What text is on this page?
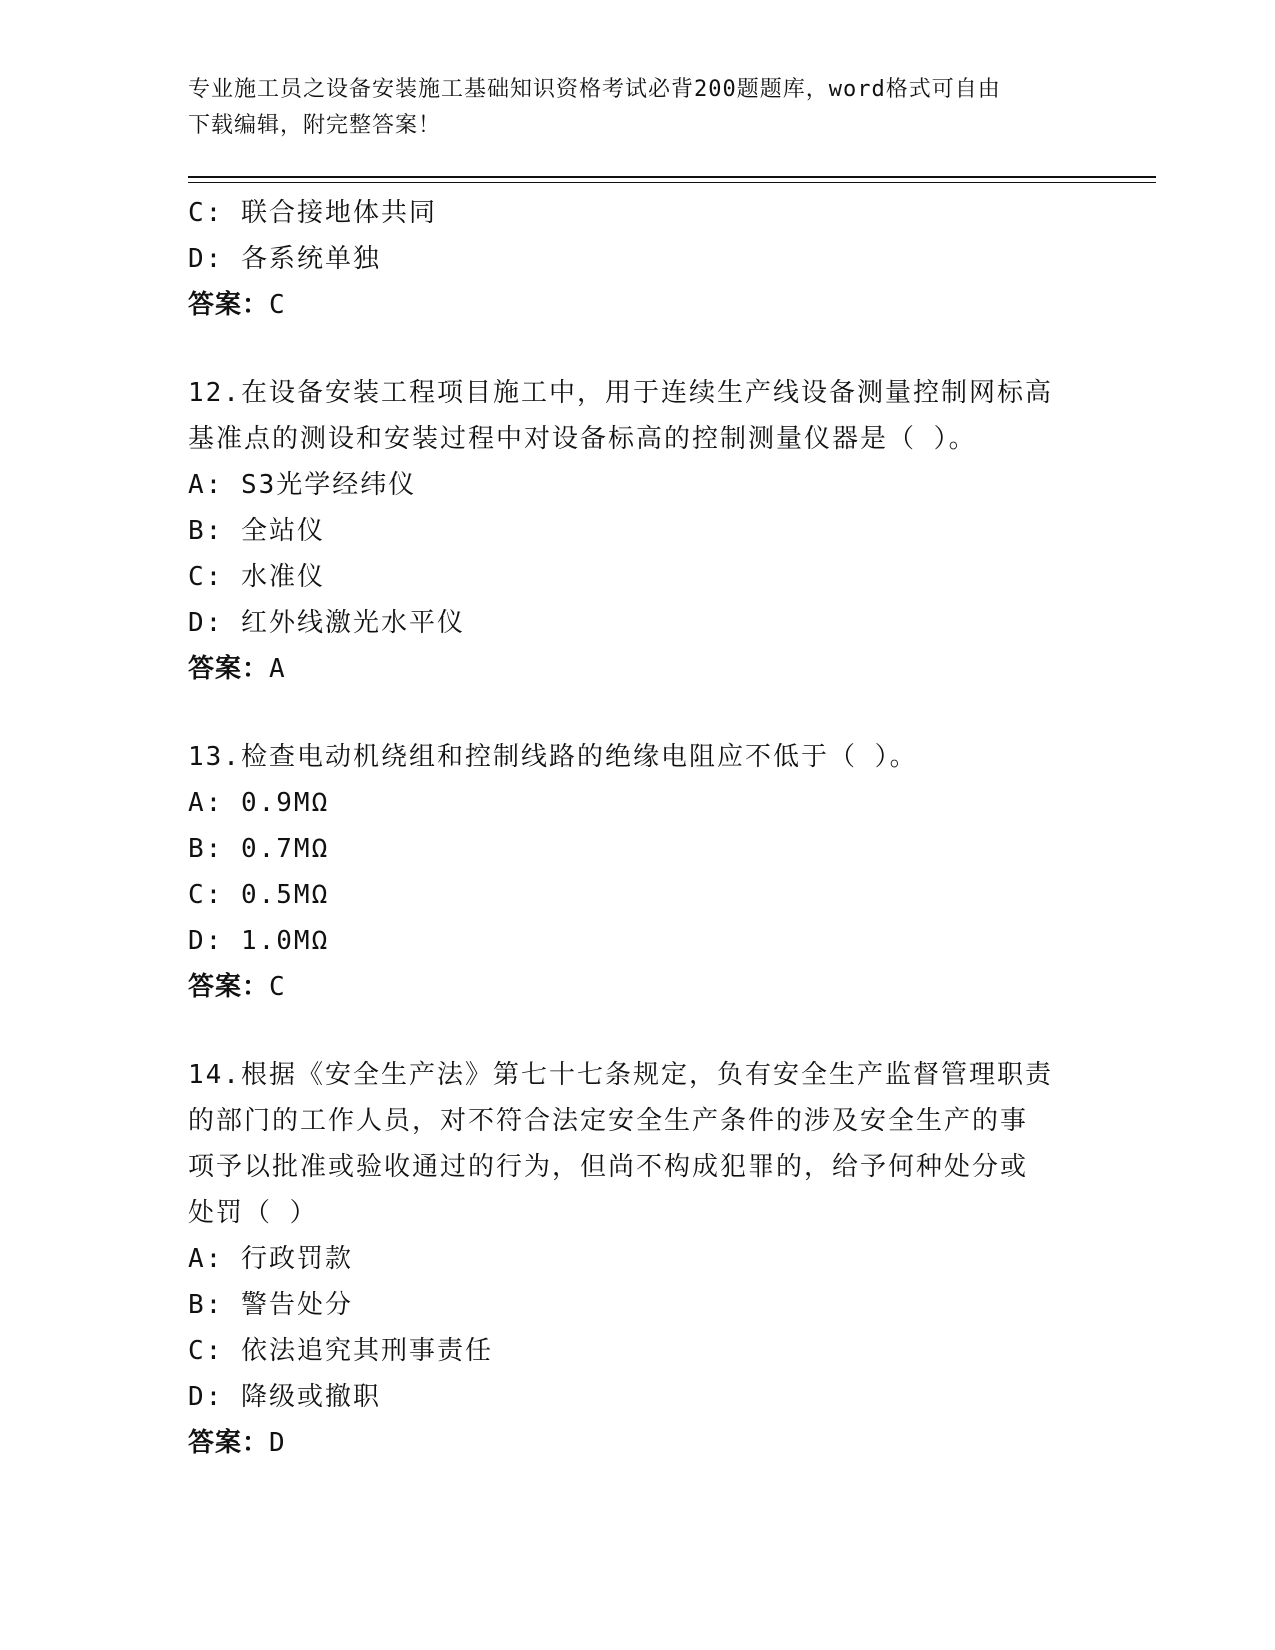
专业施工员之设备安装施工基础知识资格考试必背200题题库，word格式可自由
下载编辑，附完整答案！
C: 联合接地体共同
D: 各系统单独
答案：C
12.在设备安装工程项目施工中，用于连续生产线设备测量控制网标高
基准点的测设和安装过程中对设备标高的控制测量仪器是（ ）。
A: S3光学经纬仪
B: 全站仪
C: 水准仪
D: 红外线激光水平仪
答案：A
13.检查电动机绕组和控制线路的绝缘电阻应不低于（ ）。
A: 0.9MΩ
B: 0.7MΩ
C: 0.5MΩ
D: 1.0MΩ
答案：C
14.根据《安全生产法》第七十七条规定，负有安全生产监督管理职责
的部门的工作人员，对不符合法定安全生产条件的涉及安全生产的事
项予以批准或验收通过的行为，但尚不构成犯罪的，给予何种处分或
处罚（ ）
A: 行政罚款
B: 警告处分
C: 依法追究其刑事责任
D: 降级或撤职
答案：D
